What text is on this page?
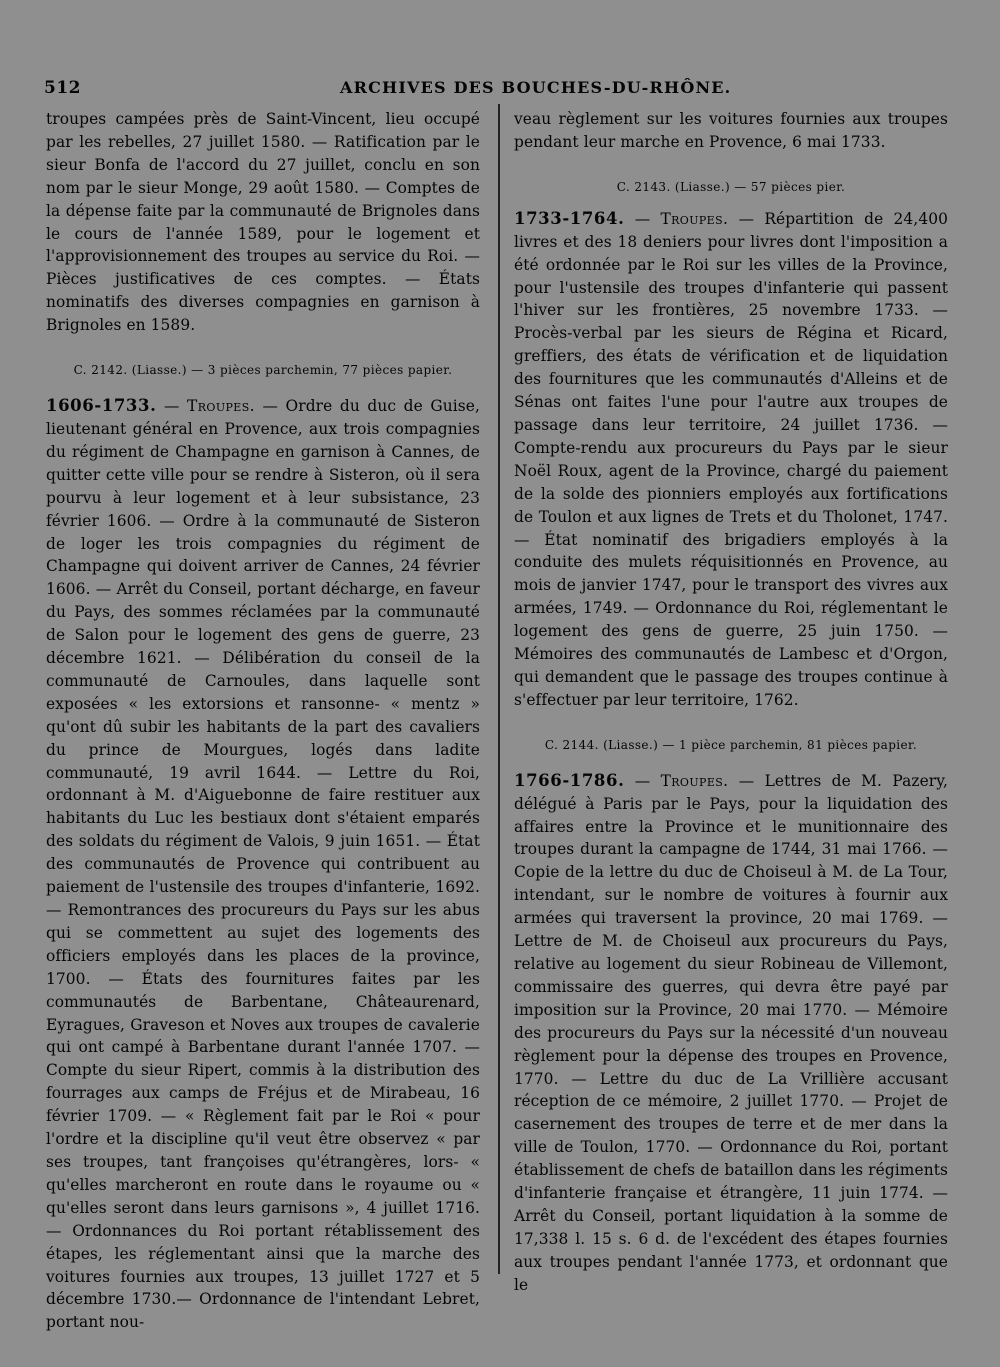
512	ARCHIVES DES BOUCHES-DU-RHÔNE.

troupes campées près de Saint-Vincent, lieu occupé par les rebelles, 27 juillet 1580. — Ratification par le sieur Bonfa de l'accord du 27 juillet, conclu en son nom par le sieur Monge, 29 août 1580. — Comptes de la dépense faite par la communauté de Brignoles dans le cours de l'année 1589, pour le logement et l'approvisionnement des troupes au service du Roi. — Pièces justificatives de ces comptes. — États nominatifs des diverses compagnies en garnison à Brignoles en 1589.

C. 2142. (Liasse.) — 3 pièces parchemin, 77 pièces papier.

1606-1733. — Troupes. — Ordre du duc de Guise, lieutenant général en Provence, aux trois compagnies du régiment de Champagne en garnison à Cannes, de quitter cette ville pour se rendre à Sisteron, où il sera pourvu à leur logement et à leur subsistance, 23 février 1606. — Ordre à la communauté de Sisteron de loger les trois compagnies du régiment de Champagne qui doivent arriver de Cannes, 24 février 1606. — Arrêt du Conseil, portant décharge, en faveur du Pays, des sommes réclamées par la communauté de Salon pour le logement des gens de guerre, 23 décembre 1621. — Délibération du conseil de la communauté de Carnoules, dans laquelle sont exposées « les extorsions et ransonne- « mentz » qu'ont dû subir les habitants de la part des cavaliers du prince de Mourgues, logés dans ladite communauté, 19 avril 1644. — Lettre du Roi, ordonnant à M. d'Aiguebonne de faire restituer aux habitants du Luc les bestiaux dont s'étaient emparés des soldats du régiment de Valois, 9 juin 1651. — État des communautés de Provence qui contribuent au paiement de l'ustensile des troupes d'infanterie, 1692. — Remontrances des procureurs du Pays sur les abus qui se commettent au sujet des logements des officiers employés dans les places de la province, 1700. — États des fournitures faites par les communautés de Barbentane, Châteaurenard, Eyragues, Graveson et Noves aux troupes de cavalerie qui ont campé à Barbentane durant l'année 1707. — Compte du sieur Ripert, commis à la distribution des fourrages aux camps de Fréjus et de Mirabeau, 16 février 1709. — « Règlement fait par le Roi « pour l'ordre et la discipline qu'il veut être observez « par ses troupes, tant françoises qu'étrangères, lors- « qu'elles marcheront en route dans le royaume ou « qu'elles seront dans leurs garnisons », 4 juillet 1716. — Ordonnances du Roi portant rétablissement des étapes, les réglementant ainsi que la marche des voitures fournies aux troupes, 13 juillet 1727 et 5 décembre 1730.— Ordonnance de l'intendant Lebret, portant nou-

veau règlement sur les voitures fournies aux troupes pendant leur marche en Provence, 6 mai 1733.

C. 2143. (Liasse.) — 57 pièces pier.

1733-1764. — Troupes. — Répartition de 24,400 livres et des 18 deniers pour livres dont l'imposition a été ordonnée par le Roi sur les villes de la Province, pour l'ustensile des troupes d'infanterie qui passent l'hiver sur les frontières, 25 novembre 1733. — Procès-verbal par les sieurs de Régina et Ricard, greffiers, des états de vérification et de liquidation des fournitures que les communautés d'Alleins et de Sénas ont faites l'une pour l'autre aux troupes de passage dans leur territoire, 24 juillet 1736. — Compte-rendu aux procureurs du Pays par le sieur Noël Roux, agent de la Province, chargé du paiement de la solde des pionniers employés aux fortifications de Toulon et aux lignes de Trets et du Tholonet, 1747. — État nominatif des brigadiers employés à la conduite des mulets réquisitionnés en Provence, au mois de janvier 1747, pour le transport des vivres aux armées, 1749. — Ordonnance du Roi, réglementant le logement des gens de guerre, 25 juin 1750. — Mémoires des communautés de Lambesc et d'Orgon, qui demandent que le passage des troupes continue à s'effectuer par leur territoire, 1762.

C. 2144. (Liasse.) — 1 pièce parchemin, 81 pièces papier.

1766-1786. — Troupes. — Lettres de M. Pazery, délégué à Paris par le Pays, pour la liquidation des affaires entre la Province et le munitionnaire des troupes durant la campagne de 1744, 31 mai 1766. — Copie de la lettre du duc de Choiseul à M. de La Tour, intendant, sur le nombre de voitures à fournir aux armées qui traversent la province, 20 mai 1769. — Lettre de M. de Choiseul aux procureurs du Pays, relative au logement du sieur Robineau de Villemont, commissaire des guerres, qui devra être payé par imposition sur la Province, 20 mai 1770. — Mémoire des procureurs du Pays sur la nécessité d'un nouveau règlement pour la dépense des troupes en Provence, 1770. — Lettre du duc de La Vrillière accusant réception de ce mémoire, 2 juillet 1770. — Projet de casernement des troupes de terre et de mer dans la ville de Toulon, 1770. — Ordonnance du Roi, portant établissement de chefs de bataillon dans les régiments d'infanterie française et étrangère, 11 juin 1774. — Arrêt du Conseil, portant liquidation à la somme de 17,338 l. 15 s. 6 d. de l'excédent des étapes fournies aux troupes pendant l'année 1773, et ordonnant que le
